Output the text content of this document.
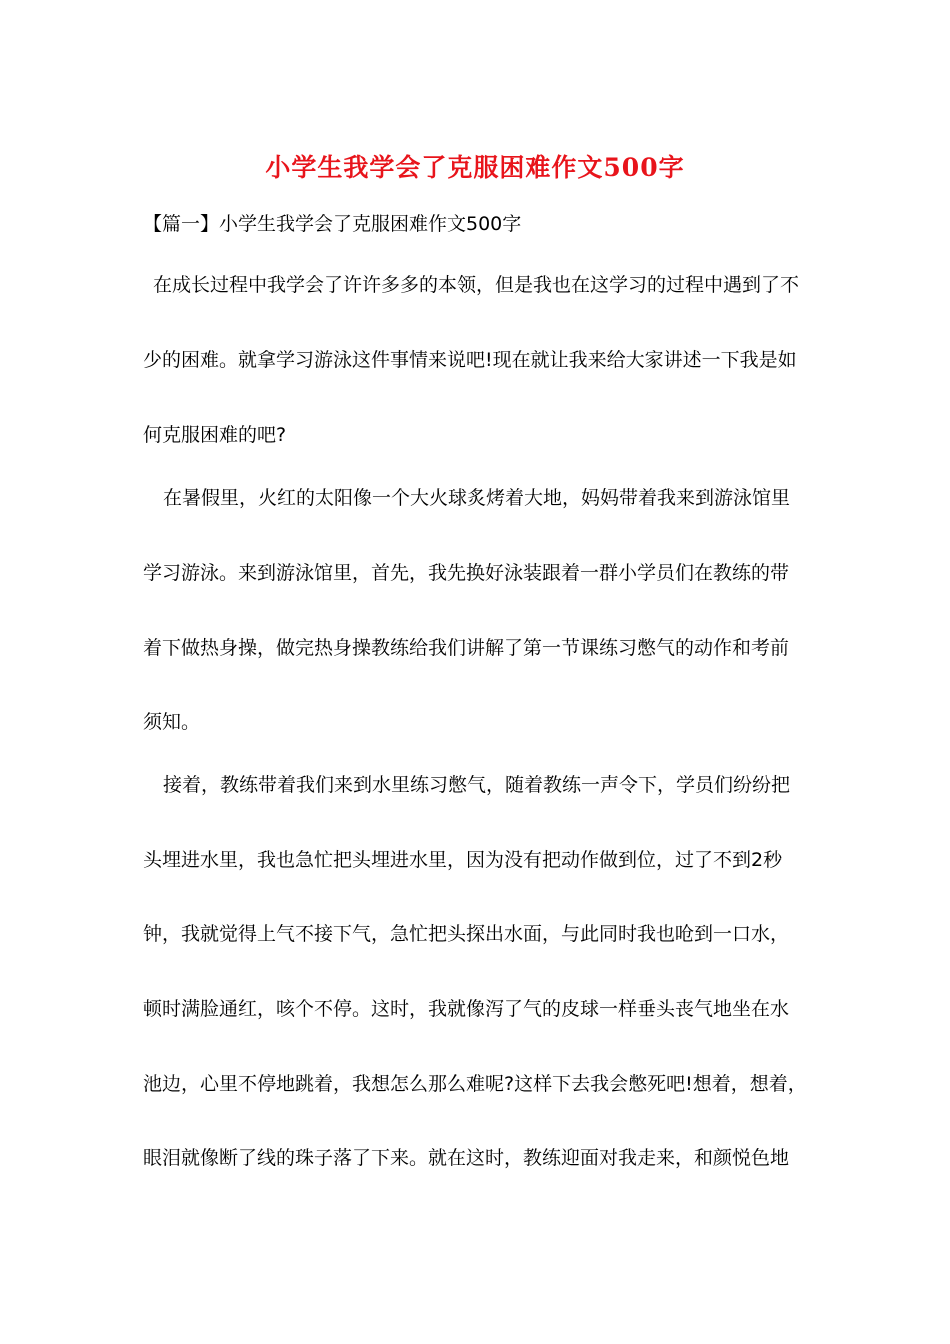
小学生我学会了克服困难作文500字
【篇一】小学生我学会了克服困难作文500字
在成长过程中我学会了许许多多的本领，但是我也在这学习的过程中遇到了不
少的困难。就拿学习游泳这件事情来说吧!现在就让我来给大家讲述一下我是如
何克服困难的吧?
在暑假里，火红的太阳像一个大火球炙烤着大地，妈妈带着我来到游泳馆里
学习游泳。来到游泳馆里，首先，我先换好泳装跟着一群小学员们在教练的带
着下做热身操，做完热身操教练给我们讲解了第一节课练习憋气的动作和考前
须知。
接着，教练带着我们来到水里练习憋气，随着教练一声令下，学员们纷纷把
头埋进水里，我也急忙把头埋进水里，因为没有把动作做到位，过了不到2秒
钟，我就觉得上气不接下气，急忙把头探出水面，与此同时我也呛到一口水，
顿时满脸通红，咳个不停。这时，我就像泻了气的皮球一样垂头丧气地坐在水
池边，心里不停地跳着，我想怎么那么难呢?这样下去我会憋死吧!想着，想着，
眼泪就像断了线的珠子落了下来。就在这时，教练迎面对我走来，和颜悦色地
